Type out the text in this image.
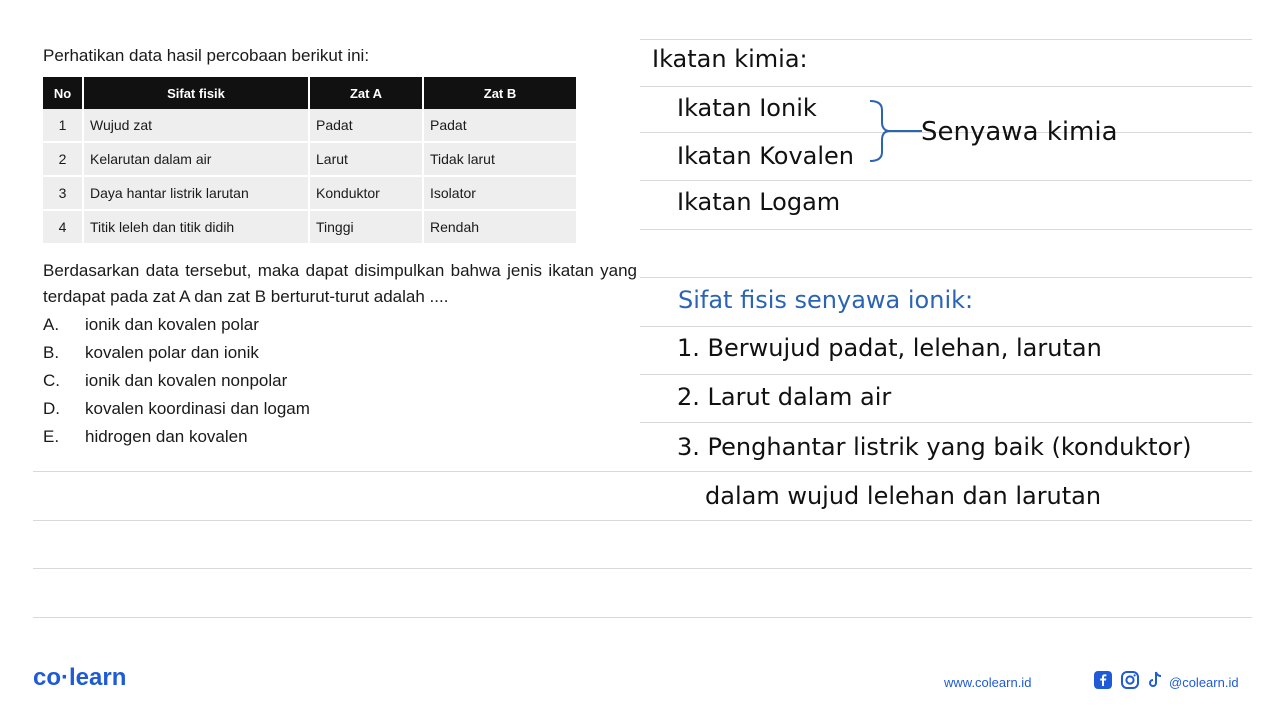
Perhatikan data hasil percobaan berikut ini:
No	Sifat fisik	Zat A	Zat B
1	Wujud zat	Padat	Padat
2	Kelarutan dalam air	Larut	Tidak larut
3	Daya hantar listrik larutan	Konduktor	Isolator
4	Titik leleh dan titik didih	Tinggi	Rendah
Berdasarkan data tersebut, maka dapat disimpulkan bahwa jenis ikatan yang terdapat pada zat A dan zat B berturut-turut adalah ....
A.	ionik dan kovalen polar
B.	kovalen polar dan ionik
C.	ionik dan kovalen nonpolar
D.	kovalen koordinasi dan logam
E.	hidrogen dan kovalen
Ikatan kimia:
Ikatan Ionik
Ikatan Kovalen
Ikatan Logam
Senyawa kimia
Sifat fisis senyawa ionik:
1. Berwujud padat, lelehan, larutan
2. Larut dalam air
3. Penghantar listrik yang baik (konduktor)
dalam wujud lelehan dan larutan
co·learn	www.colearn.id	@colearn.id
